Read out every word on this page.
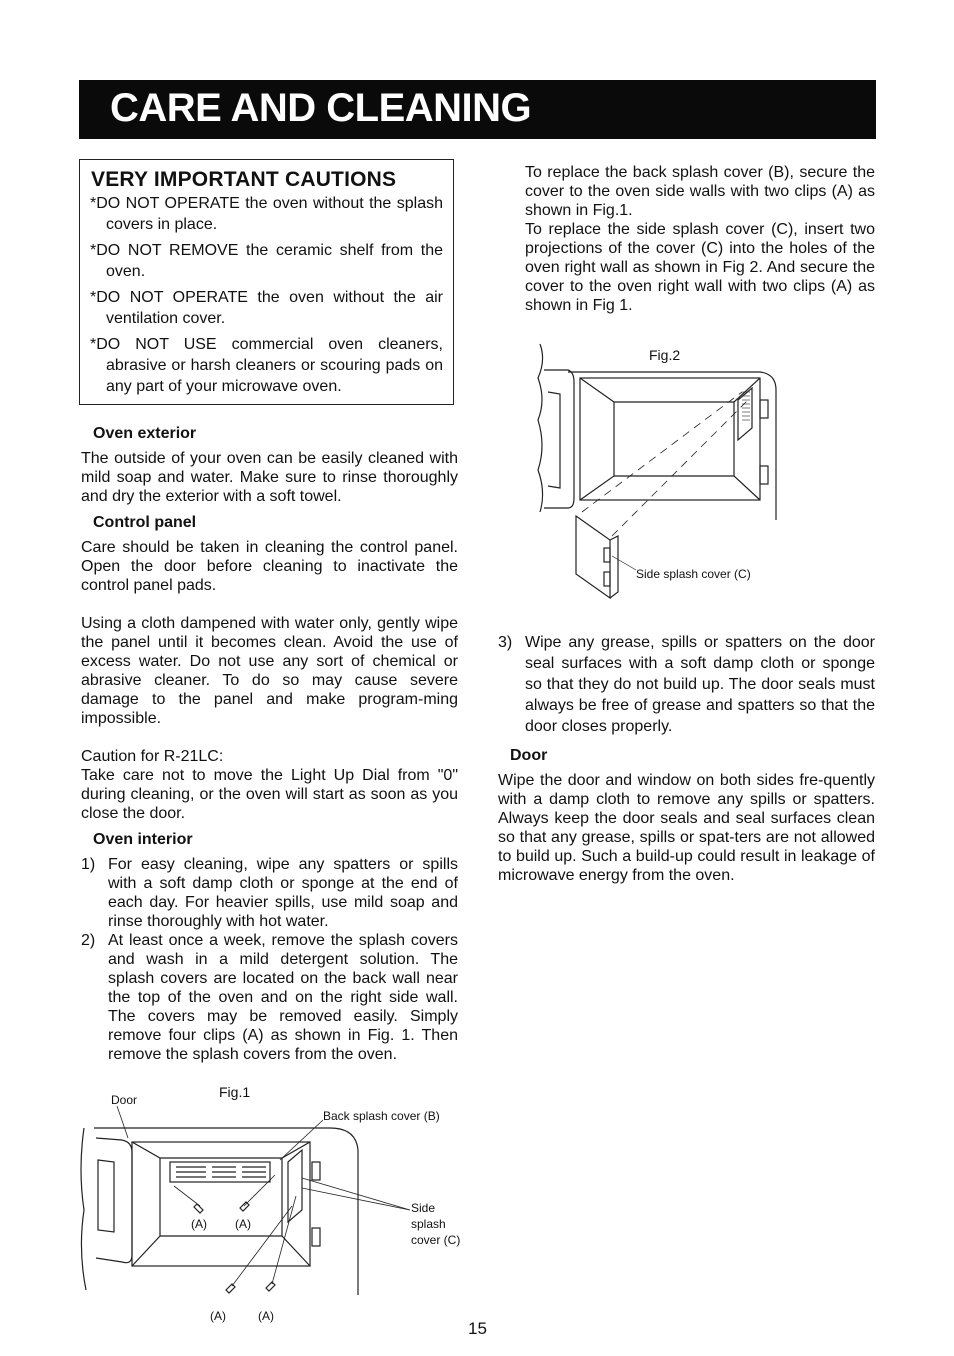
CARE AND CLEANING
VERY IMPORTANT CAUTIONS
*DO NOT OPERATE the oven without the splash covers in place.
*DO NOT REMOVE the ceramic shelf from the oven.
*DO NOT OPERATE the oven without the air ventilation cover.
*DO NOT USE commercial oven cleaners, abrasive or harsh cleaners or scouring pads on any part of your microwave oven.
Oven exterior

The outside of your oven can be easily cleaned with mild soap and water. Make sure to rinse thoroughly and dry the exterior with a soft towel.

Control panel

Care should be taken in cleaning the control panel. Open the door before cleaning to inactivate the control panel pads.

Using a cloth dampened with water only, gently wipe the panel until it becomes clean. Avoid the use of excess water. Do not use any sort of chemical or abrasive cleaner. To do so may cause severe damage to the panel and make program-ming impossible.

Caution for R-21LC:

Take care not to move the Light Up Dial from "0" during cleaning, or the oven will start as soon as you close the door.

Oven interior
1) For easy cleaning, wipe any spatters or spills with a soft damp cloth or sponge at the end of each day. For heavier spills, use mild soap and rinse thoroughly with hot water.
2) At least once a week, remove the splash covers and wash in a mild detergent solution. The splash covers are located on the back wall near the top of the oven and on the right side wall. The covers may be removed easily. Simply remove four clips (A) as shown in Fig. 1. Then remove the splash covers from the oven.
Fig.1
Door
Back splash cover (B)
Side
splash
cover (C)
(A) (A)
(A)	(A)

To replace the back splash cover (B), secure the cover to the oven side walls with two clips (A) as shown in Fig.1.

To replace the side splash cover (C), insert two projections of the cover (C) into the holes of the oven right wall as shown in Fig 2. And secure the cover to the oven right wall with two clips (A) as shown in Fig 1.

Fig.2
Side splash cover (C)
3) Wipe any grease, spills or spatters on the door seal surfaces with a soft damp cloth or sponge so that they do not build up. The door seals must always be free of grease and spatters so that the door closes properly.
Door

Wipe the door and window on both sides fre-quently with a damp cloth to remove any spills or spatters. Always keep the door seals and seal surfaces clean so that any grease, spills or spat-ters are not allowed to build up. Such a build-up could result in leakage of microwave energy from the oven.

15
